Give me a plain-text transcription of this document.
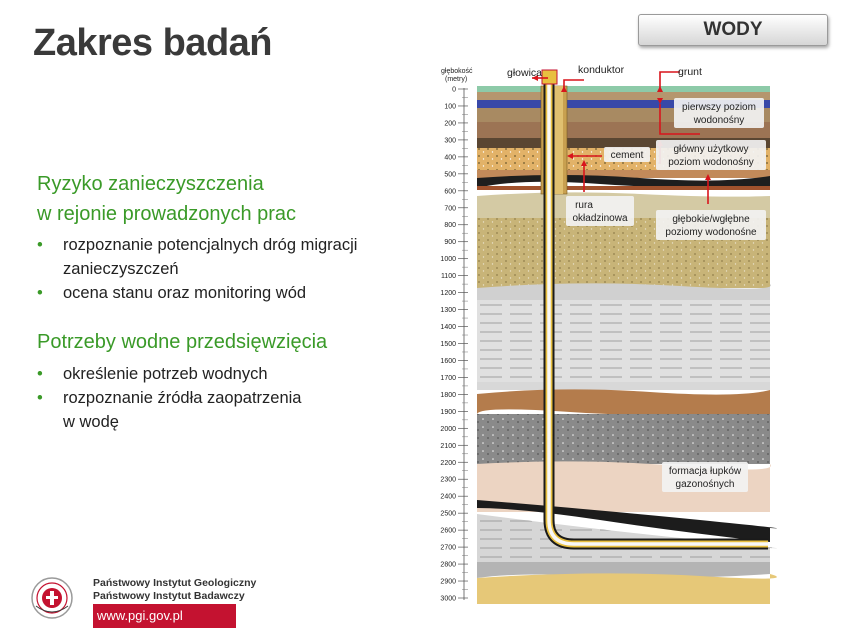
Zakres badań	WODY
Ryzyko zanieczyszczenia
w rejonie prowadzonych prac
• rozpoznanie potencjalnych dróg migracji
zanieczyszczeń
• ocena stanu oraz monitoring wód
Potrzeby wodne przedsięwzięcia
• określenie potrzeb wodnych
• rozpoznanie źródła zaopatrzenia
w wodę
Państwowy Instytut Geologiczny
Państwowy Instytut Badawczy
www.pgi.gov.pl
głębokość
(metry)
0
100
200
300
400
500
600
700
800
900
1000
1100
1200
1300
1400
1500
1600
1700
1800
1900
2000
2100
2200
2300
2400
2500
2600
2700
2800
2900
3000
głowica	konduktor	grunt
pierwszy poziom
wodonośny
cement
główny użytkowy
poziom wodonośny
rura
okładzinowa	głębokie/wgłębne
poziomy wodonośne
formacja łupków
gazonośnych
